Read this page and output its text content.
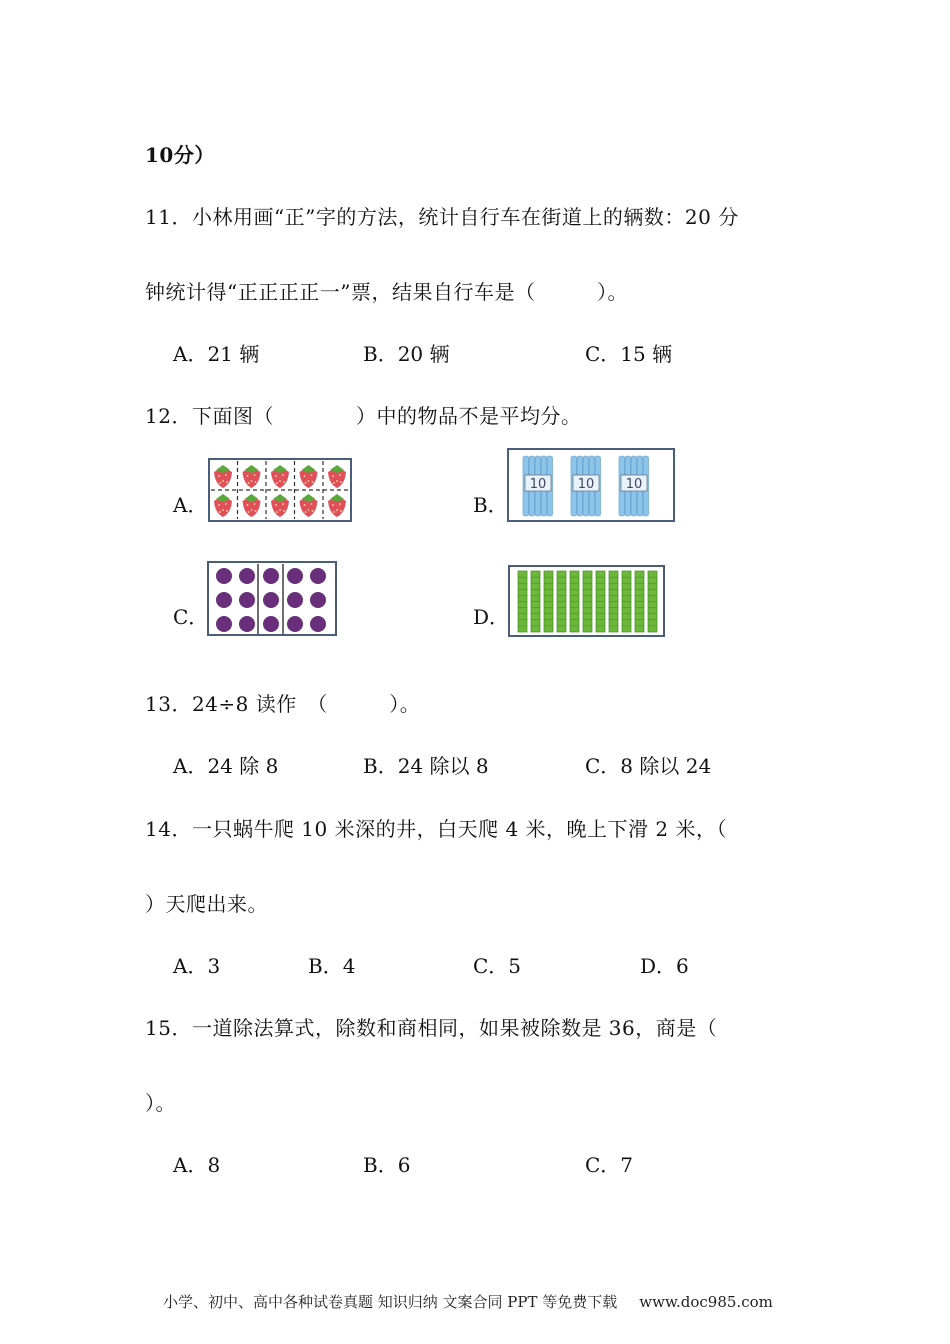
10分）
11．小林用画“正”字的方法，统计自行车在街道上的辆数：20 分
钟统计得“正正正正一”票，结果自行车是（　　　）。
A．21 辆	B．20 辆	C．15 辆
12．下面图（　　　　）中的物品不是平均分。
A．	B．
10 10 10
C．	D．
13．24÷8 读作　（　　　）。
A．24 除 8	B．24 除以 8	C．8 除以 24
14．一只蜗牛爬 10 米深的井，白天爬 4 米，晚上下滑 2 米，（
）天爬出来。
A．3	B．4	C．5	D．6
15．一道除法算式，除数和商相同，如果被除数是 36，商是（
）。
A．8	B．6	C．7
小学、初中、高中各种试卷真题 知识归纳 文案合同 PPT 等免费下载 www.doc985.com
